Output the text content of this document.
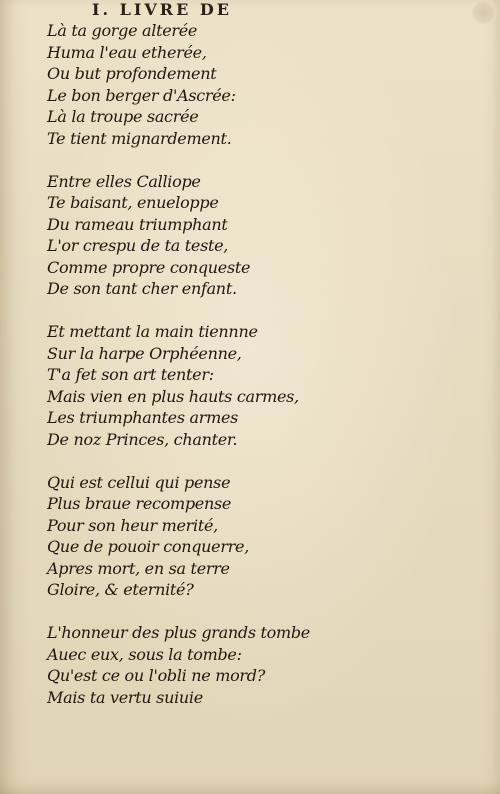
I. LIVRE DE
Là ta gorge alterée
Huma l'eau etherée,
Ou but profondement
Le bon berger d'Ascrée:
Là la troupe sacrée
Te tient mignardement.
Entre elles Calliope
Te baisant, enueloppe
Du rameau triumphant
L'or crespu de ta teste,
Comme propre conqueste
De son tant cher enfant.
Et mettant la main tiennne
Sur la harpe Orphéenne,
T'a fet son art tenter:
Mais vien en plus hauts carmes,
Les triumphantes armes
De noz Princes, chanter.
Qui est cellui qui pense
Plus braue recompense
Pour son heur merité,
Que de pouoir conquerre,
Apres mort, en sa terre
Gloire, & eternité?
L'honneur des plus grands tombe
Auec eux, sous la tombe:
Qu'est ce ou l'obli ne mord?
Mais ta vertu suiuie
